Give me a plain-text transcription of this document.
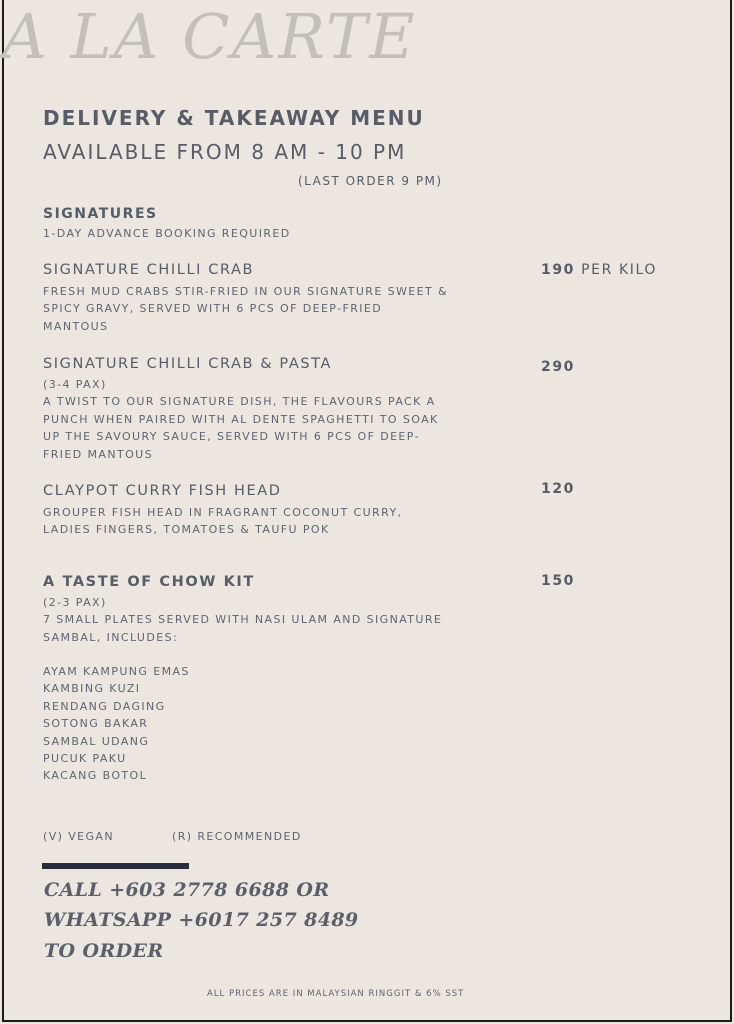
A LA CARTE
DELIVERY & TAKEAWAY MENU
AVAILABLE FROM 8 AM - 10 PM
(LAST ORDER 9 PM)
SIGNATURES
1-DAY ADVANCE BOOKING REQUIRED
SIGNATURE CHILLI CRAB	190 PER KILO
FRESH MUD CRABS STIR-FRIED IN OUR SIGNATURE SWEET &
SPICY GRAVY, SERVED WITH 6 PCS OF DEEP-FRIED
MANTOUS
SIGNATURE CHILLI CRAB & PASTA	290
(3-4 PAX)
A TWIST TO OUR SIGNATURE DISH, THE FLAVOURS PACK A
PUNCH WHEN PAIRED WITH AL DENTE SPAGHETTI TO SOAK
UP THE SAVOURY SAUCE, SERVED WITH 6 PCS OF DEEP-
FRIED MANTOUS
CLAYPOT CURRY FISH HEAD	120
GROUPER FISH HEAD IN FRAGRANT COCONUT CURRY,
LADIES FINGERS, TOMATOES & TAUFU POK
A TASTE OF CHOW KIT	150
(2-3 PAX)
7 SMALL PLATES SERVED WITH NASI ULAM AND SIGNATURE
SAMBAL, INCLUDES:
AYAM KAMPUNG EMAS
KAMBING KUZI
RENDANG DAGING
SOTONG BAKAR
SAMBAL UDANG
PUCUK PAKU
KACANG BOTOL
(V) VEGAN	(R) RECOMMENDED
CALL +603 2778 6688 OR
WHATSAPP +6017 257 8489
TO ORDER
ALL PRICES ARE IN MALAYSIAN RINGGIT & 6% SST
